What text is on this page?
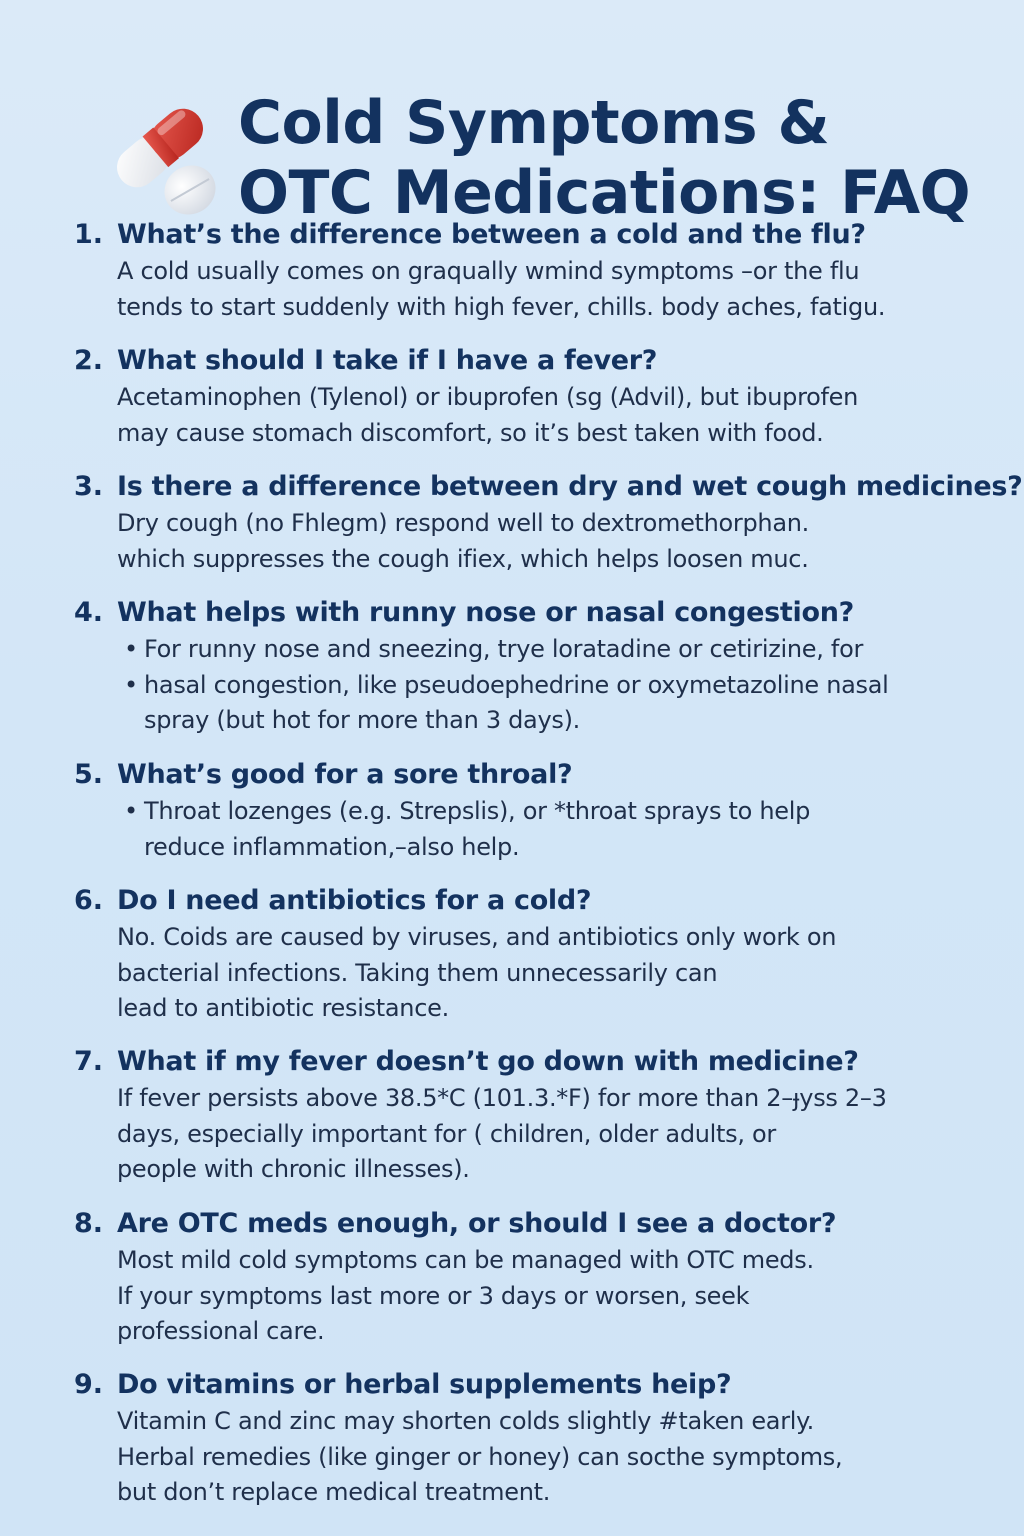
Cold Symptoms &
OTC Medications: FAQ
1. What’s the difference between a cold and the flu?

A cold usually comes on graqually wmind symptoms –or the flu
tends to start suddenly with high fever, chills. body aches, fatigu.

2. What should I take if I have a fever?

Acetaminophen (Tylenol) or ibuprofen (sg (Advil), but ibuprofen
may cause stomach discomfort, so it’s best taken with food.

3. Is there a difference between dry and wet cough medicines?

Dry cough (no Fhlegm) respond well to dextromethorphan.
which suppresses the cough ifiex, which helps loosen muc.

4. What helps with runny nose or nasal congestion?
• For runny nose and sneezing, trye loratadine or cetirizine, for
• hasal congestion, like pseudoephedrine or oxymetazoline nasal
spray (but hot for more than 3 days).
5. What’s good for a sore throal?
• Throat lozenges (e.g. Strepslis), or *throat sprays to help
reduce inflammation,–also help.
6. Do I need antibiotics for a cold?

No. Coids are caused by viruses, and antibiotics only work on
bacterial infections. Taking them unnecessarily can
lead to antibiotic resistance.

7. What if my fever doesn’t go down with medicine?

If fever persists above 38.5*C (101.3.*F) for more than 2–ɟyss 2–3
days, especially important for ( children, older adults, or
people with chronic illnesses).

8. Are OTC meds enough, or should I see a doctor?

Most mild cold symptoms can be managed with OTC meds.
If your symptoms last more or 3 days or worsen, seek
professional care.

9. Do vitamins or herbal supplements heip?

Vitamin C and zinc may shorten colds slightly #taken early.
Herbal remedies (like ginger or honey) can socthe symptoms,
but don’t replace medical treatment.
